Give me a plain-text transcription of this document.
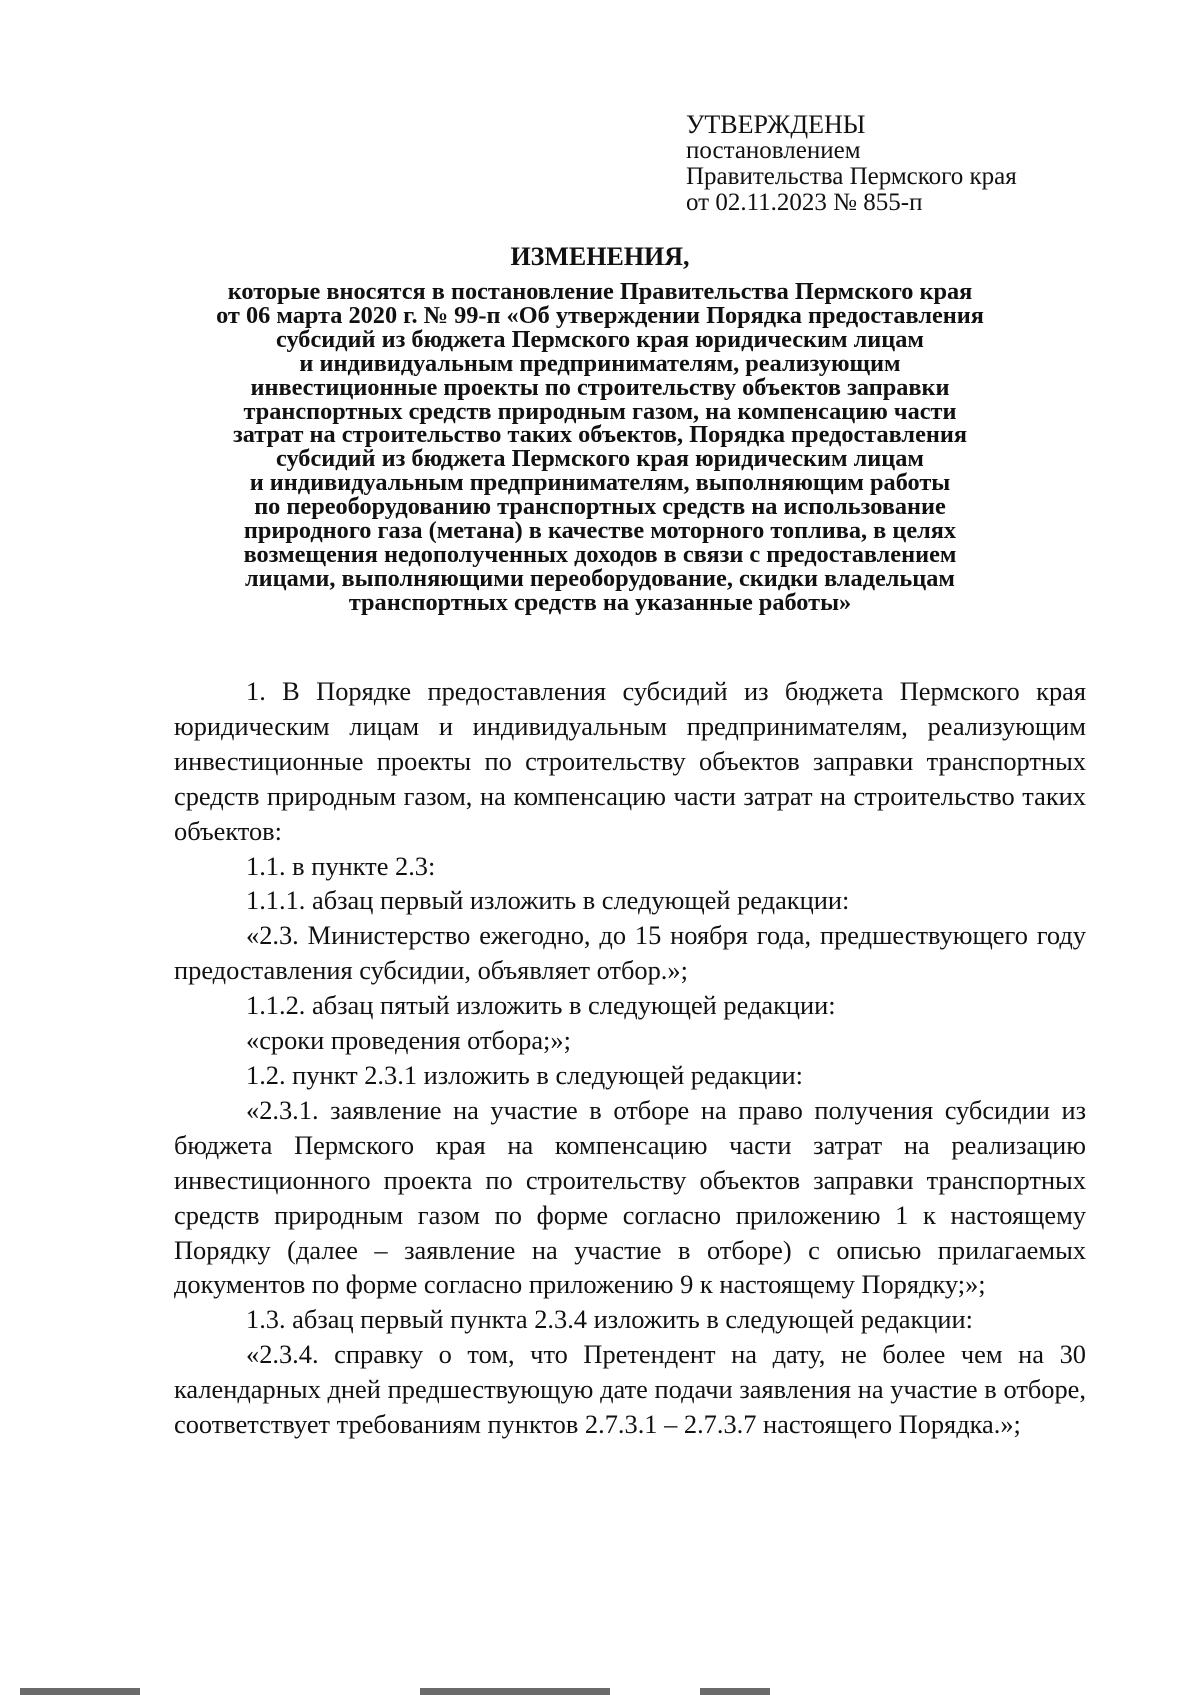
УТВЕРЖДЕНЫ
постановлением
Правительства Пермского края
от 02.11.2023 № 855-п
ИЗМЕНЕНИЯ,
которые вносятся в постановление Правительства Пермского края
от 06 марта 2020 г. № 99-п «Об утверждении Порядка предоставления
субсидий из бюджета Пермского края юридическим лицам
и индивидуальным предпринимателям, реализующим
инвестиционные проекты по строительству объектов заправки
транспортных средств природным газом, на компенсацию части
затрат на строительство таких объектов, Порядка предоставления
субсидий из бюджета Пермского края юридическим лицам
и индивидуальным предпринимателям, выполняющим работы
по переоборудованию транспортных средств на использование
природного газа (метана) в качестве моторного топлива, в целях
возмещения недополученных доходов в связи с предоставлением
лицами, выполняющими переоборудование, скидки владельцам
транспортных средств на указанные работы»

1. В Порядке предоставления субсидий из бюджета Пермского края юридическим лицам и индивидуальным предпринимателям, реализующим инвестиционные проекты по строительству объектов заправки транспортных средств природным газом, на компенсацию части затрат на строительство таких объектов:

1.1. в пункте 2.3:

1.1.1. абзац первый изложить в следующей редакции:

«2.3. Министерство ежегодно, до 15 ноября года, предшествующего году предоставления субсидии, объявляет отбор.»;

1.1.2. абзац пятый изложить в следующей редакции:

«сроки проведения отбора;»;

1.2. пункт 2.3.1 изложить в следующей редакции:

«2.3.1. заявление на участие в отборе на право получения субсидии из бюджета Пермского края на компенсацию части затрат на реализацию инвестиционного проекта по строительству объектов заправки транспортных средств природным газом по форме согласно приложению 1 к настоящему Порядку (далее – заявление на участие в отборе) с описью прилагаемых документов по форме согласно приложению 9 к настоящему Порядку;»;

1.3. абзац первый пункта 2.3.4 изложить в следующей редакции:

«2.3.4. справку о том, что Претендент на дату, не более чем на 30 календарных дней предшествующую дате подачи заявления на участие в отборе, соответствует требованиям пунктов 2.7.3.1 – 2.7.3.7 настоящего Порядка.»;
